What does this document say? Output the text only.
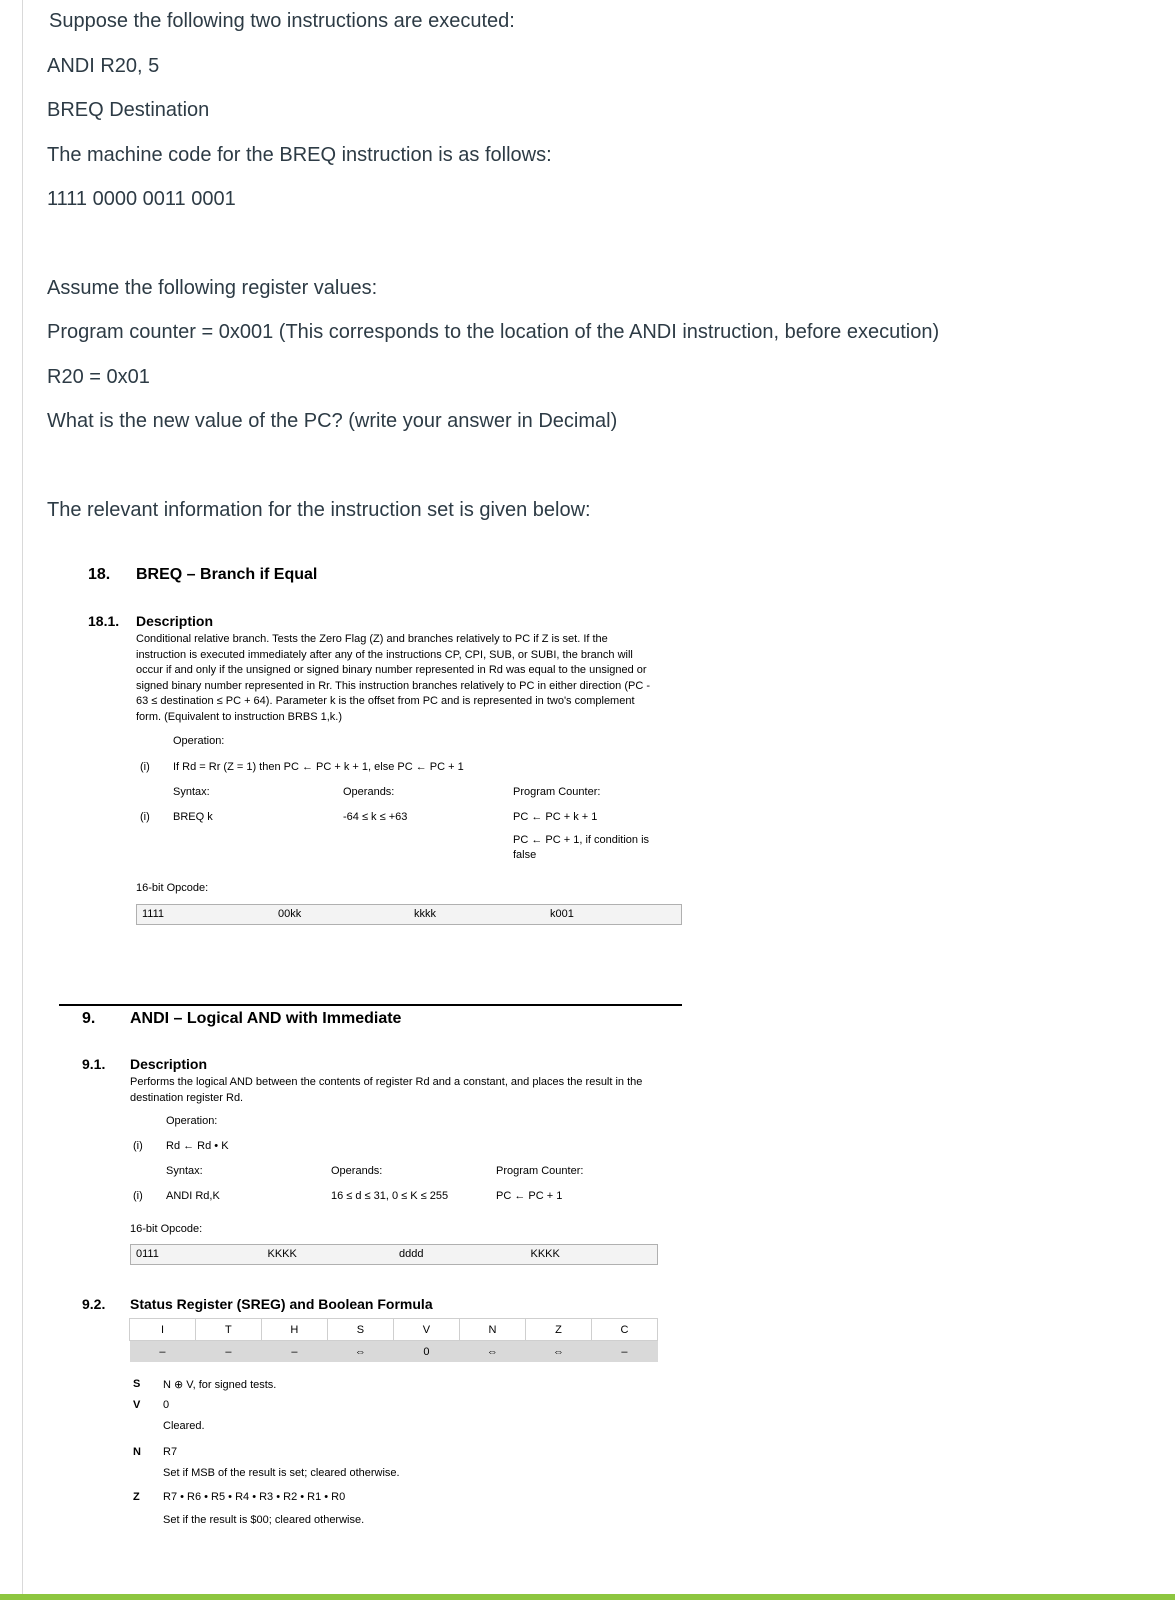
Suppose the following two instructions are executed:
ANDI R20, 5
BREQ Destination
The machine code for the BREQ instruction is as follows:
1111 0000 0011 0001
Assume the following register values:
Program counter = 0x001 (This corresponds to the location of the ANDI instruction, before execution)
R20 = 0x01
What is the new value of the PC? (write your answer in Decimal)
The relevant information for the instruction set is given below:
18. BREQ – Branch if Equal
18.1. Description
Conditional relative branch. Tests the Zero Flag (Z) and branches relatively to PC if Z is set. If the
instruction is executed immediately after any of the instructions CP, CPI, SUB, or SUBI, the branch will
occur if and only if the unsigned or signed binary number represented in Rd was equal to the unsigned or
signed binary number represented in Rr. This instruction branches relatively to PC in either direction (PC -
63 ≤ destination ≤ PC + 64). Parameter k is the offset from PC and is represented in two's complement
form. (Equivalent to instruction BRBS 1,k.)
Operation:
(i) If Rd = Rr (Z = 1) then PC ← PC + k + 1, else PC ← PC + 1
Syntax:	Operands:	Program Counter:
(i) BREQ k	-64 ≤ k ≤ +63	PC ← PC + k + 1
PC ← PC + 1, if condition is
false
16-bit Opcode:
1111	00kk	kkkk	k001
9. ANDI – Logical AND with Immediate
9.1. Description
Performs the logical AND between the contents of register Rd and a constant, and places the result in the
destination register Rd.
Operation:
(i) Rd ← Rd • K
Syntax:	Operands:	Program Counter:
(i) ANDI Rd,K	16 ≤ d ≤ 31, 0 ≤ K ≤ 255	PC ← PC + 1
16-bit Opcode:
0111	KKKK	dddd	KKKK
9.2. Status Register (SREG) and Boolean Formula
I	T	H	S	V	N	Z	C
–	–	–	⇔	0	⇔	⇔	–
S N ⊕ V, for signed tests.
V 0
Cleared.
N R7
Set if MSB of the result is set; cleared otherwise.
Z R7 • R6 • R5 • R4 • R3 • R2 • R1 • R0
Set if the result is $00; cleared otherwise.
